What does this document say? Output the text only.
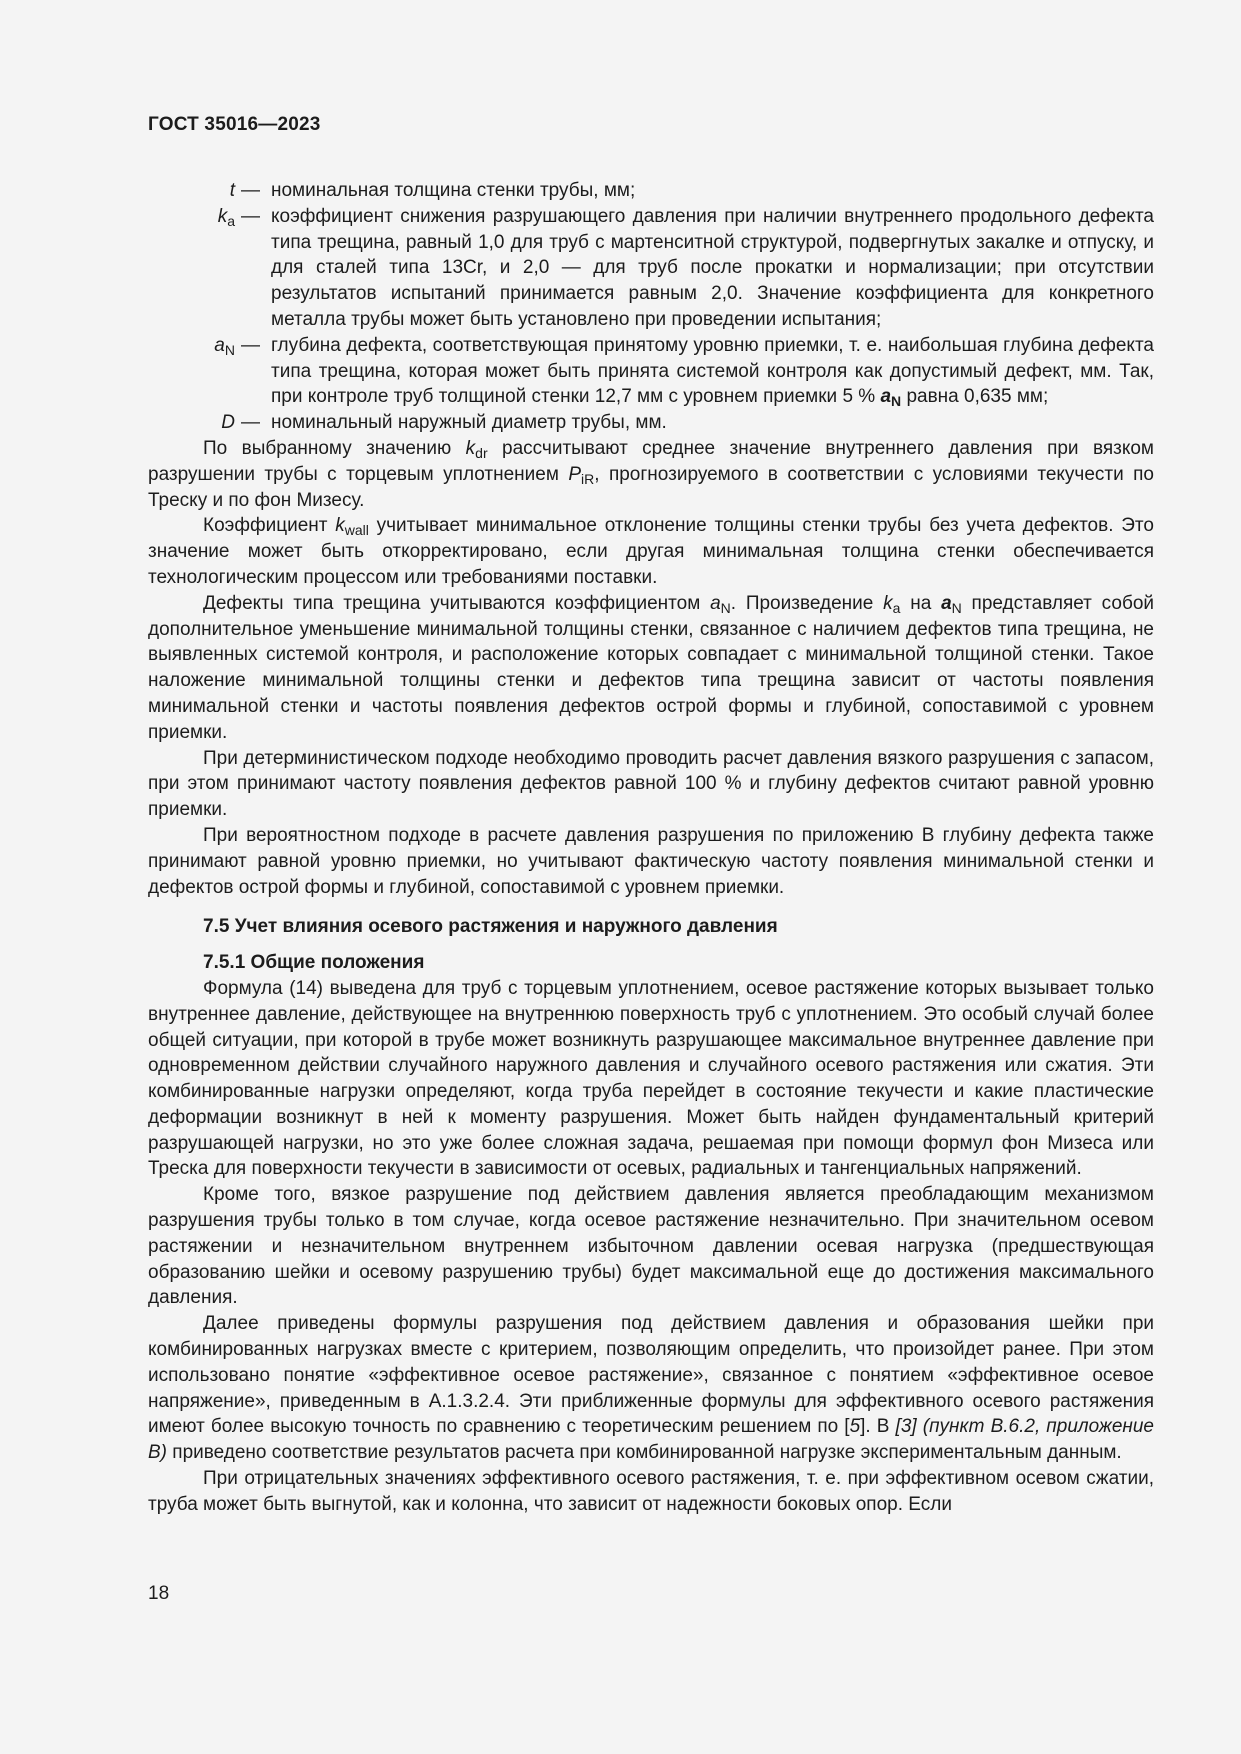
ГОСТ 35016—2023
t — номинальная толщина стенки трубы, мм;
$k_a$ — коэффициент снижения разрушающего давления при наличии внутреннего продольного дефекта типа трещина, равный 1,0 для труб с мартенситной структурой, подвергнутых закалке и отпуску, и для сталей типа 13Cr, и 2,0 — для труб после прокатки и нормализации; при отсутствии результатов испытаний принимается равным 2,0. Значение коэффициента для конкретного металла трубы может быть установлено при проведении испытания;
$a_N$ — глубина дефекта, соответствующая принятому уровню приемки, т. е. наибольшая глубина дефекта типа трещина, которая может быть принята системой контроля как допустимый дефект, мм. Так, при контроле труб толщиной стенки 12,7 мм с уровнем приемки 5 % $a_N$ равна 0,635 мм;
D — номинальный наружный диаметр трубы, мм.

По выбранному значению $k_{dr}$ рассчитывают среднее значение внутреннего давления при вязком разрушении трубы с торцевым уплотнением $P_{iR}$, прогнозируемого в соответствии с условиями текучести по Треску и по фон Мизесу.

Коэффициент $k_{wall}$ учитывает минимальное отклонение толщины стенки трубы без учета дефектов. Это значение может быть откорректировано, если другая минимальная толщина стенки обеспечивается технологическим процессом или требованиями поставки.

Дефекты типа трещина учитываются коэффициентом $a_N$. Произведение $k_a$ на $a_N$ представляет собой дополнительное уменьшение минимальной толщины стенки, связанное с наличием дефектов типа трещина, не выявленных системой контроля, и расположение которых совпадает с минимальной толщиной стенки. Такое наложение минимальной толщины стенки и дефектов типа трещина зависит от частоты появления минимальной стенки и частоты появления дефектов острой формы и глубиной, сопоставимой с уровнем приемки.

При детерминистическом подходе необходимо проводить расчет давления вязкого разрушения с запасом, при этом принимают частоту появления дефектов равной 100 % и глубину дефектов считают равной уровню приемки.

При вероятностном подходе в расчете давления разрушения по приложению В глубину дефекта также принимают равной уровню приемки, но учитывают фактическую частоту появления минимальной стенки и дефектов острой формы и глубиной, сопоставимой с уровнем приемки.

7.5 Учет влияния осевого растяжения и наружного давления
7.5.1 Общие положения

Формула (14) выведена для труб с торцевым уплотнением, осевое растяжение которых вызывает только внутреннее давление, действующее на внутреннюю поверхность труб с уплотнением. Это особый случай более общей ситуации, при которой в трубе может возникнуть разрушающее максимальное внутреннее давление при одновременном действии случайного наружного давления и случайного осевого растяжения или сжатия. Эти комбинированные нагрузки определяют, когда труба перейдет в состояние текучести и какие пластические деформации возникнут в ней к моменту разрушения. Может быть найден фундаментальный критерий разрушающей нагрузки, но это уже более сложная задача, решаемая при помощи формул фон Мизеса или Треска для поверхности текучести в зависимости от осевых, радиальных и тангенциальных напряжений.

Кроме того, вязкое разрушение под действием давления является преобладающим механизмом разрушения трубы только в том случае, когда осевое растяжение незначительно. При значительном осевом растяжении и незначительном внутреннем избыточном давлении осевая нагрузка (предшествующая образованию шейки и осевому разрушению трубы) будет максимальной еще до достижения максимального давления.

Далее приведены формулы разрушения под действием давления и образования шейки при комбинированных нагрузках вместе с критерием, позволяющим определить, что произойдет ранее. При этом использовано понятие «эффективное осевое растяжение», связанное с понятием «эффективное осевое напряжение», приведенным в А.1.3.2.4. Эти приближенные формулы для эффективного осевого растяжения имеют более высокую точность по сравнению с теоретическим решением по [5]. В [3] (пункт В.6.2, приложение В) приведено соответствие результатов расчета при комбинированной нагрузке экспериментальным данным.

При отрицательных значениях эффективного осевого растяжения, т. е. при эффективном осевом сжатии, труба может быть выгнутой, как и колонна, что зависит от надежности боковых опор. Если

18
